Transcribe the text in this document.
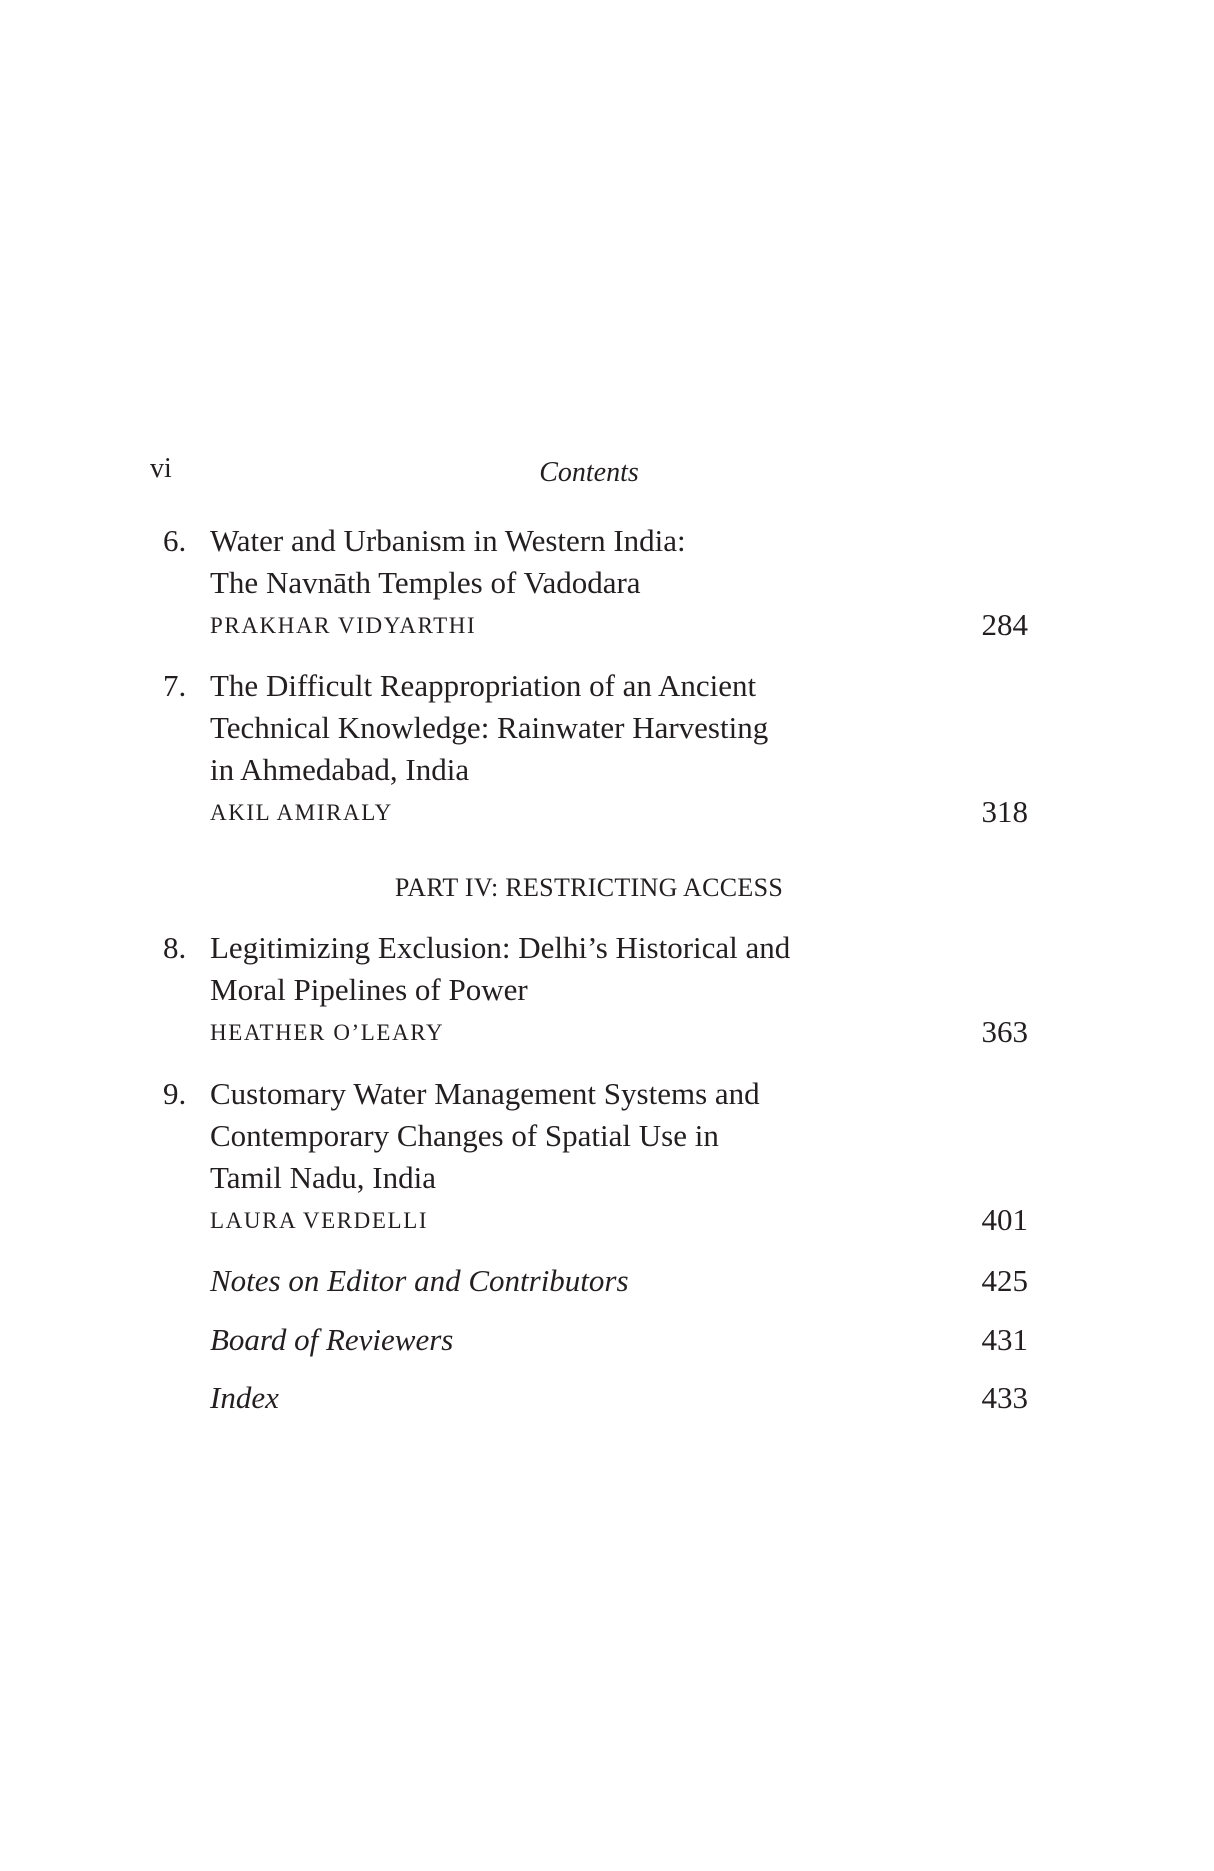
vi	Contents
6. Water and Urbanism in Western India:
The Navnāth Temples of Vadodara
PRAKHAR VIDYARTHI	284
7. The Difficult Reappropriation of an Ancient
Technical Knowledge: Rainwater Harvesting
in Ahmedabad, India
AKIL AMIRALY	318
PART IV: RESTRICTING ACCESS
8. Legitimizing Exclusion: Delhi’s Historical and
Moral Pipelines of Power
HEATHER O’LEARY	363
9. Customary Water Management Systems and
Contemporary Changes of Spatial Use in
Tamil Nadu, India
LAURA VERDELLI	401
Notes on Editor and Contributors	425
Board of Reviewers	431
Index	433
